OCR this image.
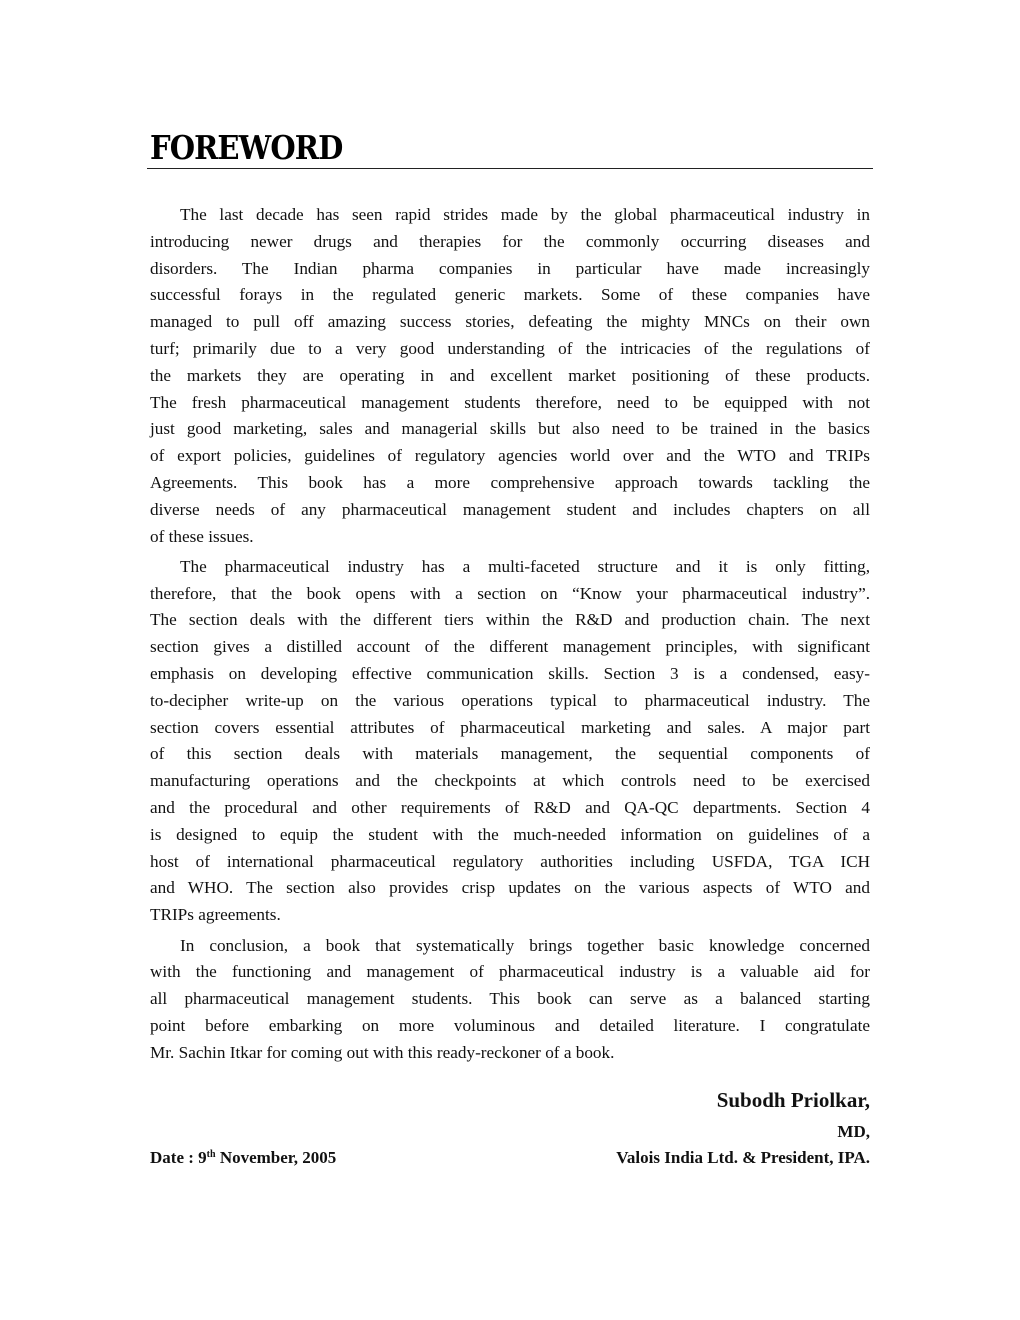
FOREWORD

The last decade has seen rapid strides made by the global pharmaceutical industry in
introducing newer drugs and therapies for the commonly occurring diseases and
disorders. The Indian pharma companies in particular have made increasingly
successful forays in the regulated generic markets. Some of these companies have
managed to pull off amazing success stories, defeating the mighty MNCs on their own
turf; primarily due to a very good understanding of the intricacies of the regulations of
the markets they are operating in and excellent market positioning of these products.
The fresh pharmaceutical management students therefore, need to be equipped with not
just good marketing, sales and managerial skills but also need to be trained in the basics
of export policies, guidelines of regulatory agencies world over and the WTO and TRIPs
Agreements. This book has a more comprehensive approach towards tackling the
diverse needs of any pharmaceutical management student and includes chapters on all
of these issues.

The pharmaceutical industry has a multi-faceted structure and it is only fitting,
therefore, that the book opens with a section on “Know your pharmaceutical industry”.
The section deals with the different tiers within the R&D and production chain. The next
section gives a distilled account of the different management principles, with significant
emphasis on developing effective communication skills. Section 3 is a condensed, easy-
to-decipher write-up on the various operations typical to pharmaceutical industry. The
section covers essential attributes of pharmaceutical marketing and sales. A major part
of this section deals with materials management, the sequential components of
manufacturing operations and the checkpoints at which controls need to be exercised
and the procedural and other requirements of R&D and QA-QC departments. Section 4
is designed to equip the student with the much-needed information on guidelines of a
host of international pharmaceutical regulatory authorities including USFDA, TGA ICH
and WHO. The section also provides crisp updates on the various aspects of WTO and
TRIPs agreements.

In conclusion, a book that systematically brings together basic knowledge concerned
with the functioning and management of pharmaceutical industry is a valuable aid for
all pharmaceutical management students. This book can serve as a balanced starting
point before embarking on more voluminous and detailed literature. I congratulate
Mr. Sachin Itkar for coming out with this ready-reckoner of a book.

Subodh Priolkar,
MD,
Date : 9th November, 2005	Valois India Ltd. & President, IPA.
